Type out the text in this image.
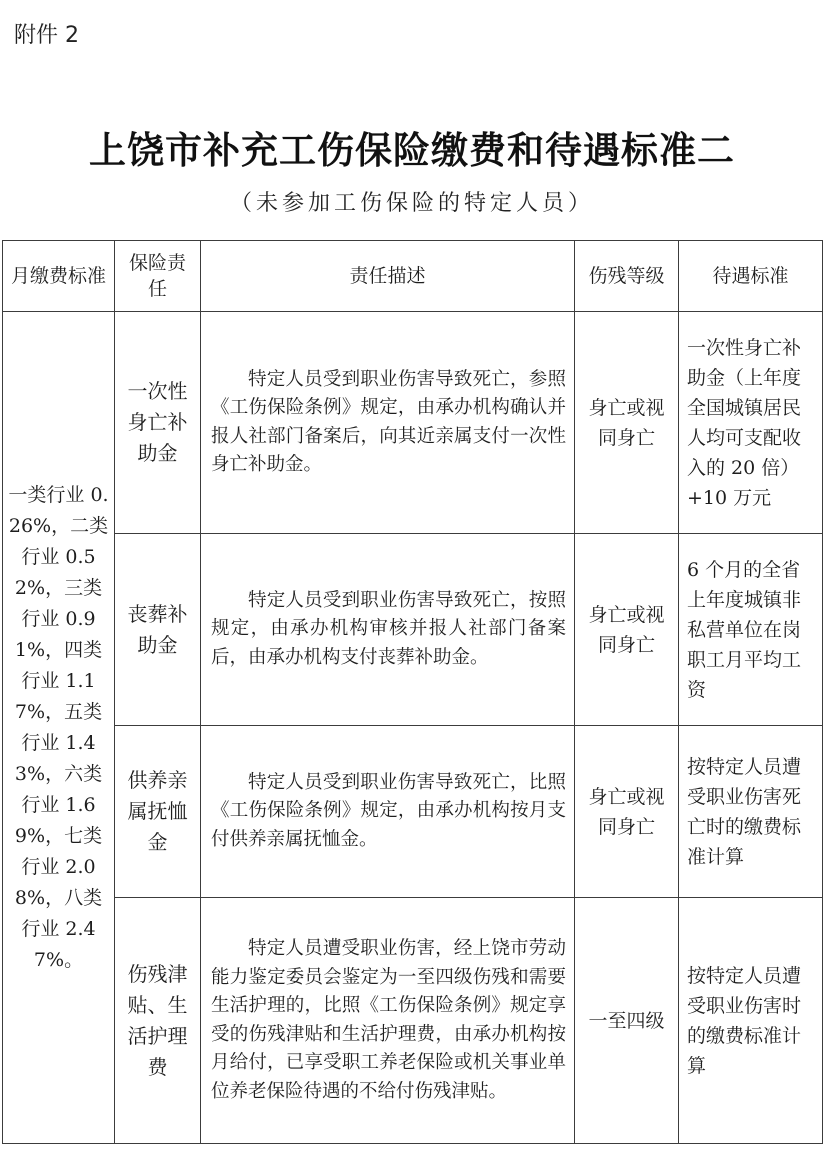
附件 2
上饶市补充工伤保险缴费和待遇标准二
（未参加工伤保险的特定人员）
月缴费标准	保险责任	责任描述	伤残等级	待遇标准
一类行业 0.26%，二类行业 0.52%，三类行业 0.91%，四类行业 1.17%，五类行业 1.43%，六类行业 1.69%，七类行业 2.08%，八类行业 2.47%。	一次性身亡补助金	特定人员受到职业伤害导致死亡，参照《工伤保险条例》规定，由承办机构确认并报人社部门备案后，向其近亲属支付一次性身亡补助金。	身亡或视同身亡	一次性身亡补助金（上年度全国城镇居民人均可支配收入的 20 倍）+10 万元
	丧葬补助金	特定人员受到职业伤害导致死亡，按照规定，由承办机构审核并报人社部门备案后，由承办机构支付丧葬补助金。	身亡或视同身亡	6 个月的全省上年度城镇非私营单位在岗职工月平均工资
	供养亲属抚恤金	特定人员受到职业伤害导致死亡，比照《工伤保险条例》规定，由承办机构按月支付供养亲属抚恤金。	身亡或视同身亡	按特定人员遭受职业伤害死亡时的缴费标准计算
	伤残津贴、生活护理费	特定人员遭受职业伤害，经上饶市劳动能力鉴定委员会鉴定为一至四级伤残和需要生活护理的，比照《工伤保险条例》规定享受的伤残津贴和生活护理费，由承办机构按月给付，已享受职工养老保险或机关事业单位养老保险待遇的不给付伤残津贴。	一至四级	按特定人员遭受职业伤害时的缴费标准计算
